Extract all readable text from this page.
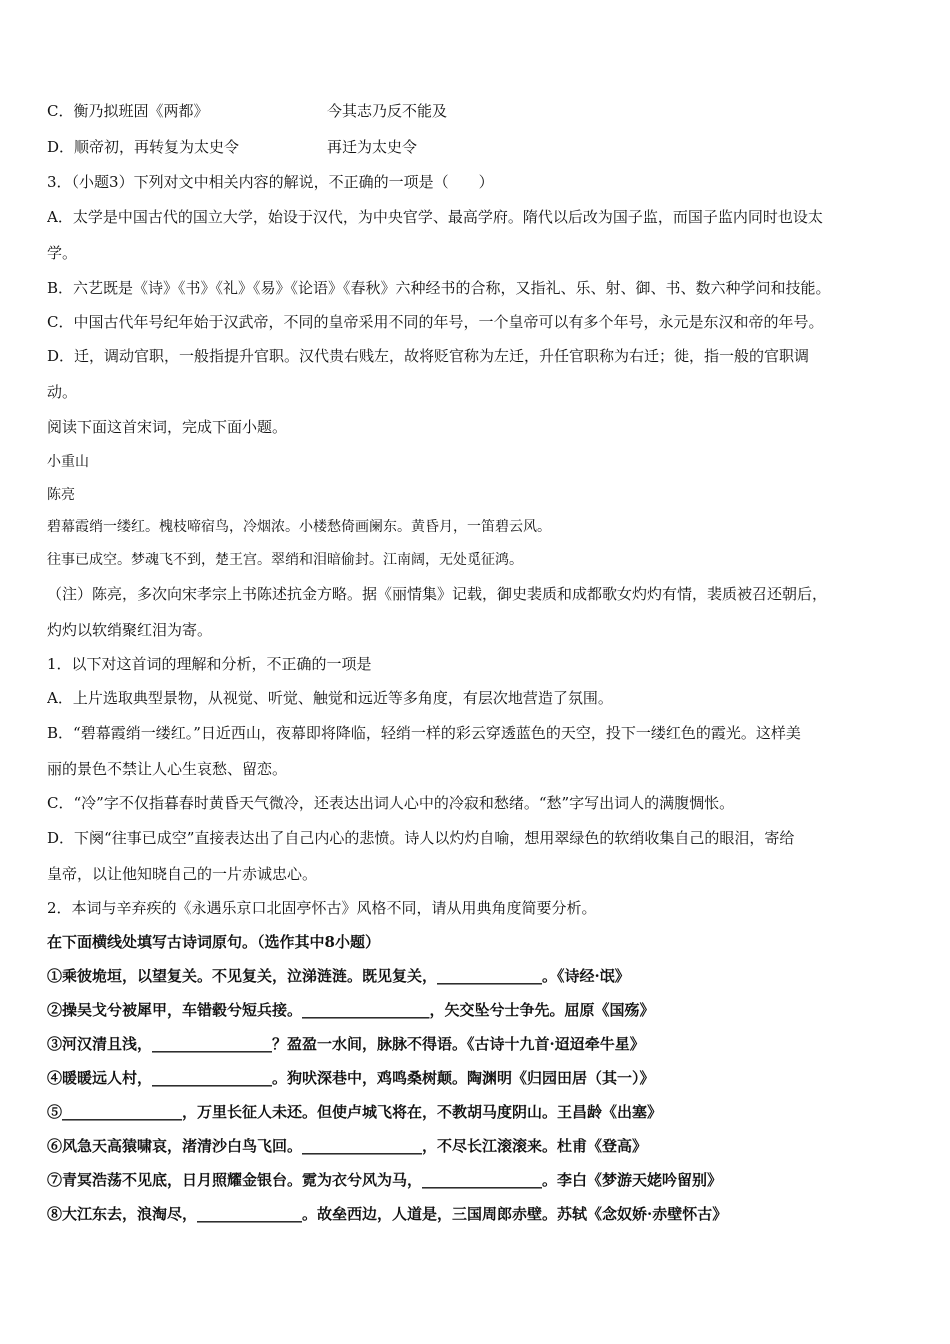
C．衡乃拟班固《两都》	今其志乃反不能及
D．顺帝初，再转复为太史令	再迁为太史令
3．（小题3）下列对文中相关内容的解说，不正确的一项是（　　）
A．太学是中国古代的国立大学，始设于汉代，为中央官学、最高学府。隋代以后改为国子监，而国子监内同时也设太
学。
B．六艺既是《诗》《书》《礼》《易》《论语》《春秋》六种经书的合称，又指礼、乐、射、御、书、数六种学问和技能。
C．中国古代年号纪年始于汉武帝，不同的皇帝采用不同的年号，一个皇帝可以有多个年号，永元是东汉和帝的年号。
D．迁，调动官职，一般指提升官职。汉代贵右贱左，故将贬官称为左迁，升任官职称为右迁；徙，指一般的官职调
动。
阅读下面这首宋词，完成下面小题。
小重山
陈亮
碧幕霞绡一缕红。槐枝啼宿鸟，冷烟浓。小楼愁倚画阑东。黄昏月，一笛碧云风。
往事已成空。梦魂飞不到，楚王宫。翠绡和泪暗偷封。江南阔，无处觅征鸿。
（注）陈亮，多次向宋孝宗上书陈述抗金方略。据《丽情集》记载，御史裴质和成都歌女灼灼有情，裴质被召还朝后，
灼灼以软绡聚红泪为寄。
1．以下对这首词的理解和分析，不正确的一项是
A．上片选取典型景物，从视觉、听觉、触觉和远近等多角度，有层次地营造了氛围。
B．“碧幕霞绡一缕红。”日近西山，夜幕即将降临，轻绡一样的彩云穿透蓝色的天空，投下一缕红色的霞光。这样美
丽的景色不禁让人心生哀愁、留恋。
C．“冷”字不仅指暮春时黄昏天气微冷，还表达出词人心中的冷寂和愁绪。“愁”字写出词人的满腹惆怅。
D．下阕“往事已成空”直接表达出了自己内心的悲愤。诗人以灼灼自喻，想用翠绿色的软绡收集自己的眼泪，寄给
皇帝，以让他知晓自己的一片赤诚忠心。
2．本词与辛弃疾的《永遇乐京口北固亭怀古》风格不同，请从用典角度简要分析。
在下面横线处填写古诗词原句。（选作其中8小题）
①乘彼垝垣，以望复关。不见复关，泣涕涟涟。既见复关，______________。《诗经·氓》
②操吴戈兮被犀甲，车错毂兮短兵接。_________________，矢交坠兮士争先。屈原《国殇》
③河汉清且浅，________________？盈盈一水间，脉脉不得语。《古诗十九首·迢迢牵牛星》
④暖暖远人村，________________。狗吠深巷中，鸡鸣桑树颠。陶渊明《归园田居（其一）》
⑤________________，万里长征人未还。但使卢城飞将在，不教胡马度阴山。王昌龄《出塞》
⑥风急天高猿啸哀，渚清沙白鸟飞回。________________，不尽长江滚滚来。杜甫《登高》
⑦青冥浩荡不见底，日月照耀金银台。霓为衣兮风为马，________________。李白《梦游天姥吟留别》
⑧大江东去，浪淘尽，______________。故垒西边，人道是，三国周郎赤壁。苏轼《念奴娇·赤壁怀古》
